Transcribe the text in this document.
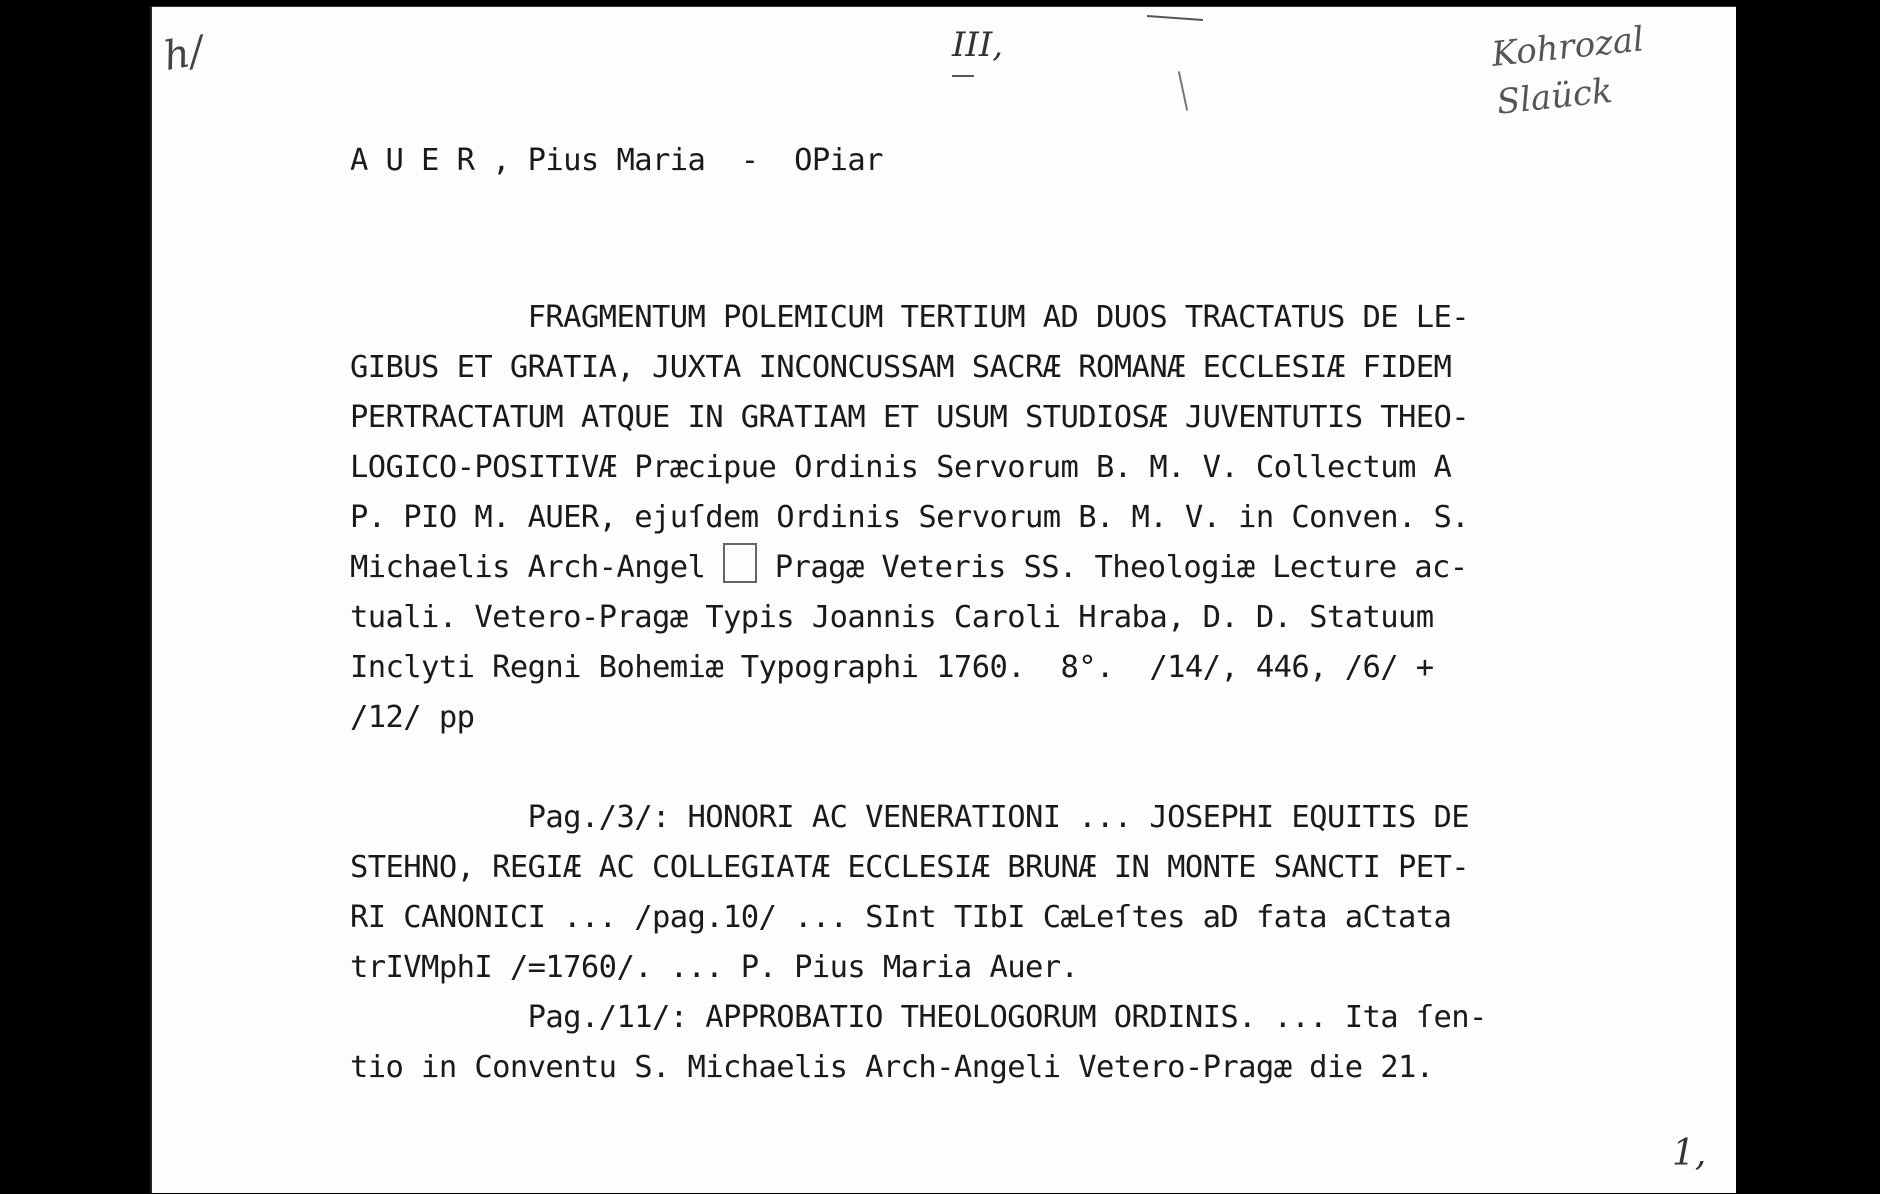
h/	III,	Kohrozal
Slaück

A U E R , Pius Maria  -  OPiar

FRAGMENTUM POLEMICUM TERTIUM AD DUOS TRACTATUS DE LE-
GIBUS ET GRATIA, JUXTA INCONCUSSAM SACRÆ ROMANÆ ECCLESIÆ FIDEM
PERTRACTATUM ATQUE IN GRATIAM ET USUM STUDIOSÆ JUVENTUTIS THEO-
LOGICO-POSITIVÆ Præcipue Ordinis Servorum B. M. V. Collectum A
P. PIO M. AUER, ejuſdem Ordinis Servorum B. M. V. in Conven. S.
Michaelis Arch-Angel Pragæ Veteris SS. Theologiæ Lecture ac-
tuali. Vetero-Pragæ Typis Joannis Caroli Hraba, D. D. Statuum
Inclyti Regni Bohemiæ Typographi 1760.  8°.  /14/, 446, /6/ +
/12/ pp
Pag./3/: HONORI AC VENERATIONI ... JOSEPHI EQUITIS DE
STEHNO, REGIÆ AC COLLEGIATÆ ECCLESIÆ BRUNÆ IN MONTE SANCTI PET-
RI CANONICI ... /pag.10/ ... SInt TIbI CæLeſtes aD fata aCtata
trIVMphI /=1760/. ... P. Pius Maria Auer.
Pag./11/: APPROBATIO THEOLOGORUM ORDINIS. ... Ita ſen-
tio in Conventu S. Michaelis Arch-Angeli Vetero-Pragæ die 21.
1,
